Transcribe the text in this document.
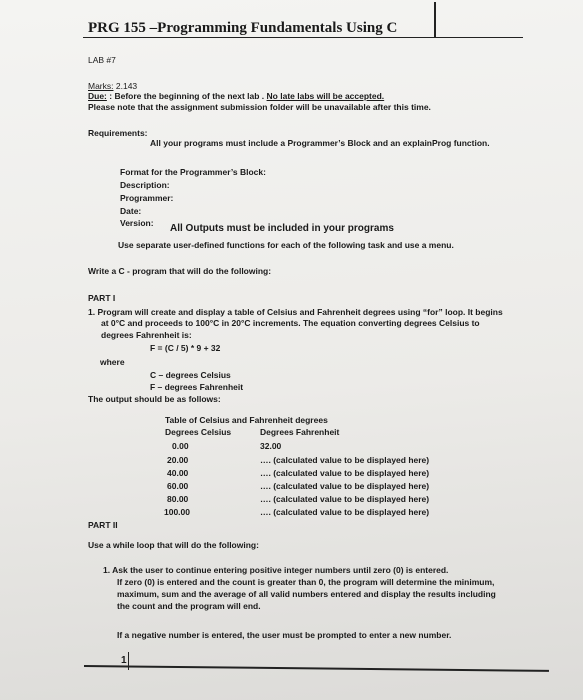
PRG 155 –Programming Fundamentals Using C
LAB #7
Marks: 2.143
Due: : Before the beginning of the next lab . No late labs will be accepted.
Please note that the assignment submission folder will be unavailable after this time.
Requirements:
All your programs must include a Programmer’s Block and an explainProg function.
Format for the Programmer’s Block:
Description:
Programmer:
Date:
Version: All Outputs must be included in your programs
Use separate user-defined functions for each of the following task and use a menu.
Write a C - program that will do the following:
PART I
1. Program will create and display a table of Celsius and Fahrenheit degrees using “for” loop. It begins
at 0°C and proceeds to 100°C in 20°C increments. The equation converting degrees Celsius to
degrees Fahrenheit is:
F = (C / 5) * 9 + 32
where
C – degrees Celsius
F – degrees Fahrenheit
The output should be as follows:
Table of Celsius and Fahrenheit degrees
Degrees Celsius	Degrees Fahrenheit
0.00	32.00
20.00	…. (calculated value to be displayed here)
40.00	…. (calculated value to be displayed here)
60.00	…. (calculated value to be displayed here)
80.00	…. (calculated value to be displayed here)
100.00	…. (calculated value to be displayed here)
PART II
Use a while loop that will do the following:
1. Ask the user to continue entering positive integer numbers until zero (0) is entered.
If zero (0) is entered and the count is greater than 0, the program will determine the minimum,
maximum, sum and the average of all valid numbers entered and display the results including
the count and the program will end.
If a negative number is entered, the user must be prompted to enter a new number.
1
